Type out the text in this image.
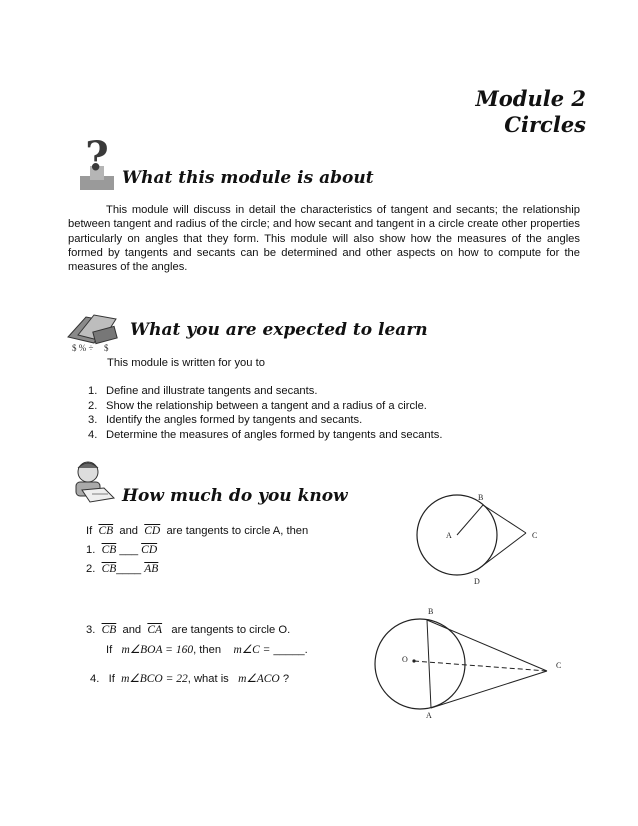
Module 2
Circles
? What this module is about

This module will discuss in detail the characteristics of tangent and secants; the relationship between tangent and radius of the circle; and how secant and tangent in a circle create other properties particularly on angles that they form. This module will also show how the measures of the angles formed by tangents and secants can be determined and other aspects on how to compute for the measures of the angles.

$ % ÷ $
What you are expected to learn
This module is written for you to
1. Define and illustrate tangents and secants.
2. Show the relationship between a tangent and a radius of a circle.
3. Identify the angles formed by tangents and secants.
4. Determine the measures of angles formed by tangents and secants.
How much do you know
If $\overline{CB}$ and $\overline{CD}$ are tangents to circle A, then
1. $\overline{CB}$ ___ $\overline{CD}$
2. $\overline{CB}\_\_\_\_$ $\overline{AB}$
3. $\overline{CB}$ and $\overline{CA}$ are tangents to circle O.
If m∠BOA = 160, then m∠C = _____.
4. If m∠BCO = 22, what is m∠ACO ?
B
A	C
D
B
O
C
A
